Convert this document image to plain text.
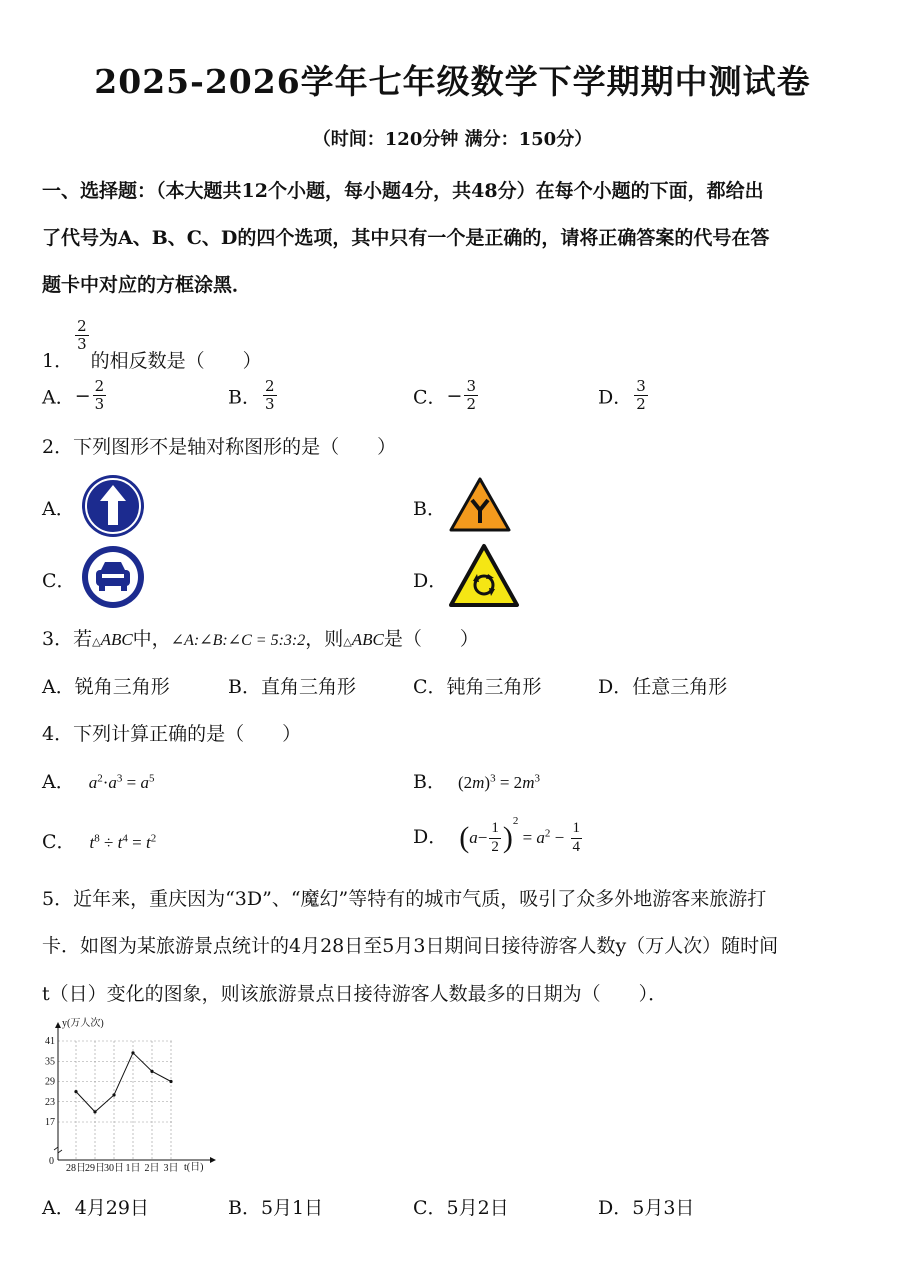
2025-2026学年七年级数学下学期期中测试卷
（时间：120分钟 满分：150分）
一、选择题：（本大题共12个小题，每小题4分，共48分）在每个小题的下面，都给出
了代号为A、B、C、D的四个选项，其中只有一个是正确的，请将正确答案的代号在答
题卡中对应的方框涂黑．
1．
$\frac{2}{3}$
的相反数是（　　）
A．− $\frac{2}{3}$	B． $\frac{2}{3}$	C．− $\frac{3}{2}$	D． $\frac{3}{2}$
2．下列图形不是轴对称图形的是（　　）
A．	B．
C．	D．
3．若△ABC中，∠A:∠B:∠C = 5:3:2，则△ABC是（　　）
A．锐角三角形	B．直角三角形	C．钝角三角形	D．任意三角形
4．下列计算正确的是（　　）
A． $a^2\cdot a^3 = a^5$	B． $(2m)^3 = 2m^3$
C． $t^8 \div t^4 = t^2$	D． $(a- \frac{1}{2} )^2 = a^2 - \frac{1}{4}$
5．近年来，重庆因为“3D”、“魔幻”等特有的城市气质，吸引了众多外地游客来旅游打
卡．如图为某旅游景点统计的4月28日至5月3日期间日接待游客人数y（万人次）随时间
t（日）变化的图象，则该旅游景点日接待游客人数最多的日期为（　　）．
y(万人次)
t(日)
0
17
23
29
35
41
28日 29日 30日 1日 2日 3日
A．4月29日	B．5月1日	C．5月2日	D．5月3日
